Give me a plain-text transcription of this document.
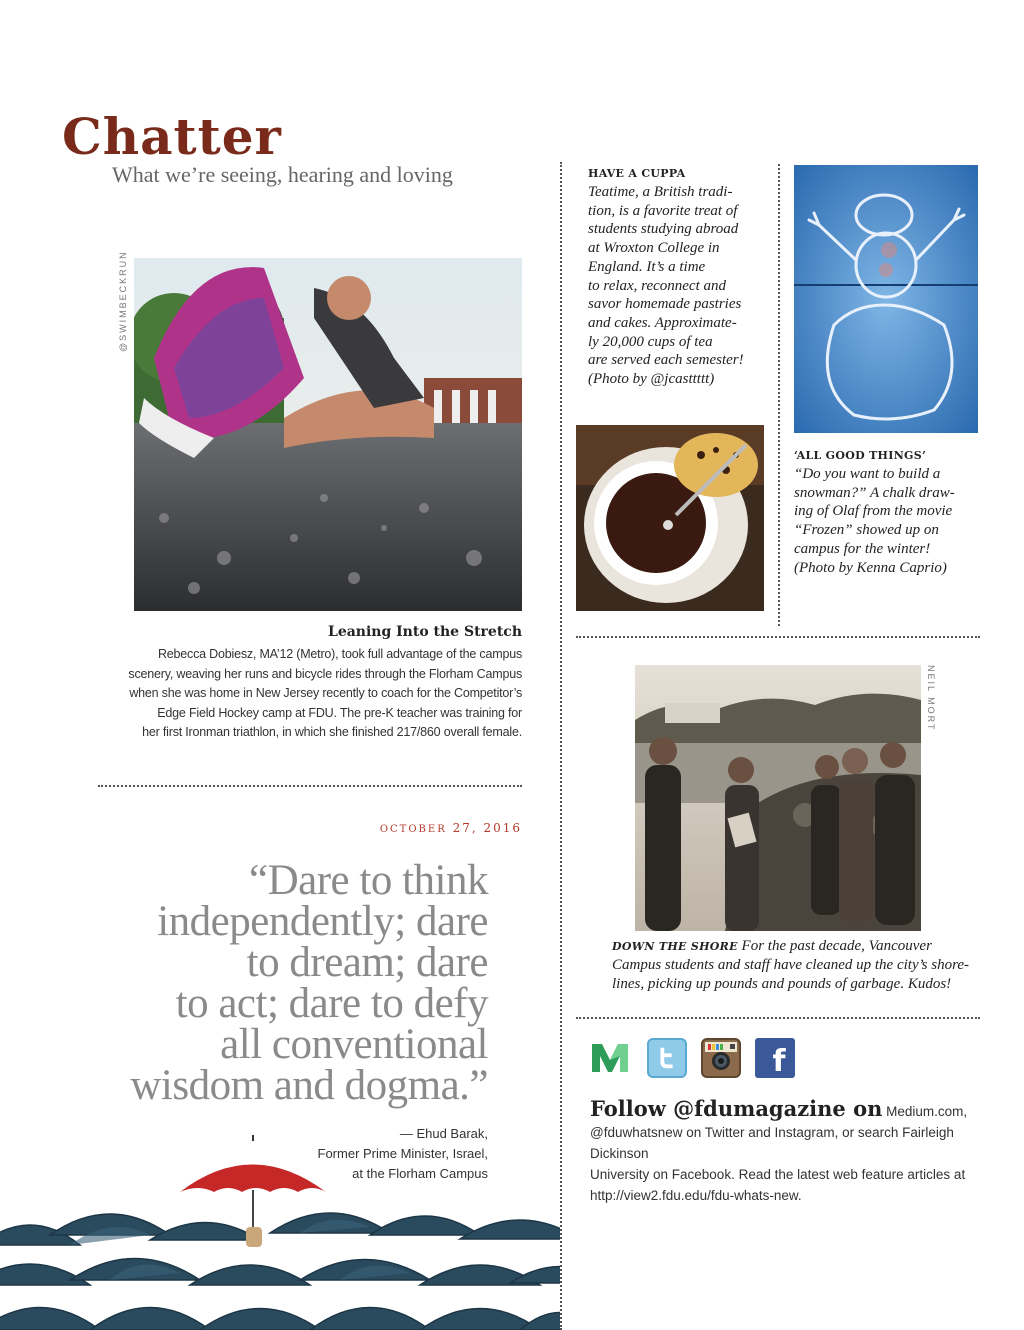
Chatter
What we’re seeing, hearing and loving
@SWIMBECKRUN
Leaning Into the Stretch
Rebecca Dobiesz, MA’12 (Metro), took full advantage of the campus
scenery, weaving her runs and bicycle rides through the Florham Campus
when she was home in New Jersey recently to coach for the Competitor’s
Edge Field Hockey camp at FDU. The pre-K teacher was training for
her first Ironman triathlon, in which she finished 217/860 overall female.
HAVE A CUPPA
Teatime, a British tradi-
tion, is a favorite treat of
students studying abroad
at Wroxton College in
England. It’s a time
to relax, reconnect and
savor homemade pastries
and cakes. Approximate-
ly 20,000 cups of tea
are served each semester!
(Photo by @jcasttttt)
‘ALL GOOD THINGS’
“Do you want to build a
snowman?” A chalk draw-
ing of Olaf from the movie
“Frozen” showed up on
campus for the winter!
(Photo by Kenna Caprio)
NEIL MORT
DOWN THE SHORE For the past decade, Vancouver
Campus students and staff have cleaned up the city’s shore-
lines, picking up pounds and pounds of garbage. Kudos!
OCTOBER 27, 2016
“Dare to think
independently; dare
to dream; dare
to act; dare to defy
all conventional
wisdom and dogma.”
— Ehud Barak,
Former Prime Minister, Israel,
at the Florham Campus
f
Follow @fdumagazine on Medium.com,
@fduwhatsnew on Twitter and Instagram, or search Fairleigh Dickinson
University on Facebook. Read the latest web feature articles at
http://view2.fdu.edu/fdu-whats-new.
